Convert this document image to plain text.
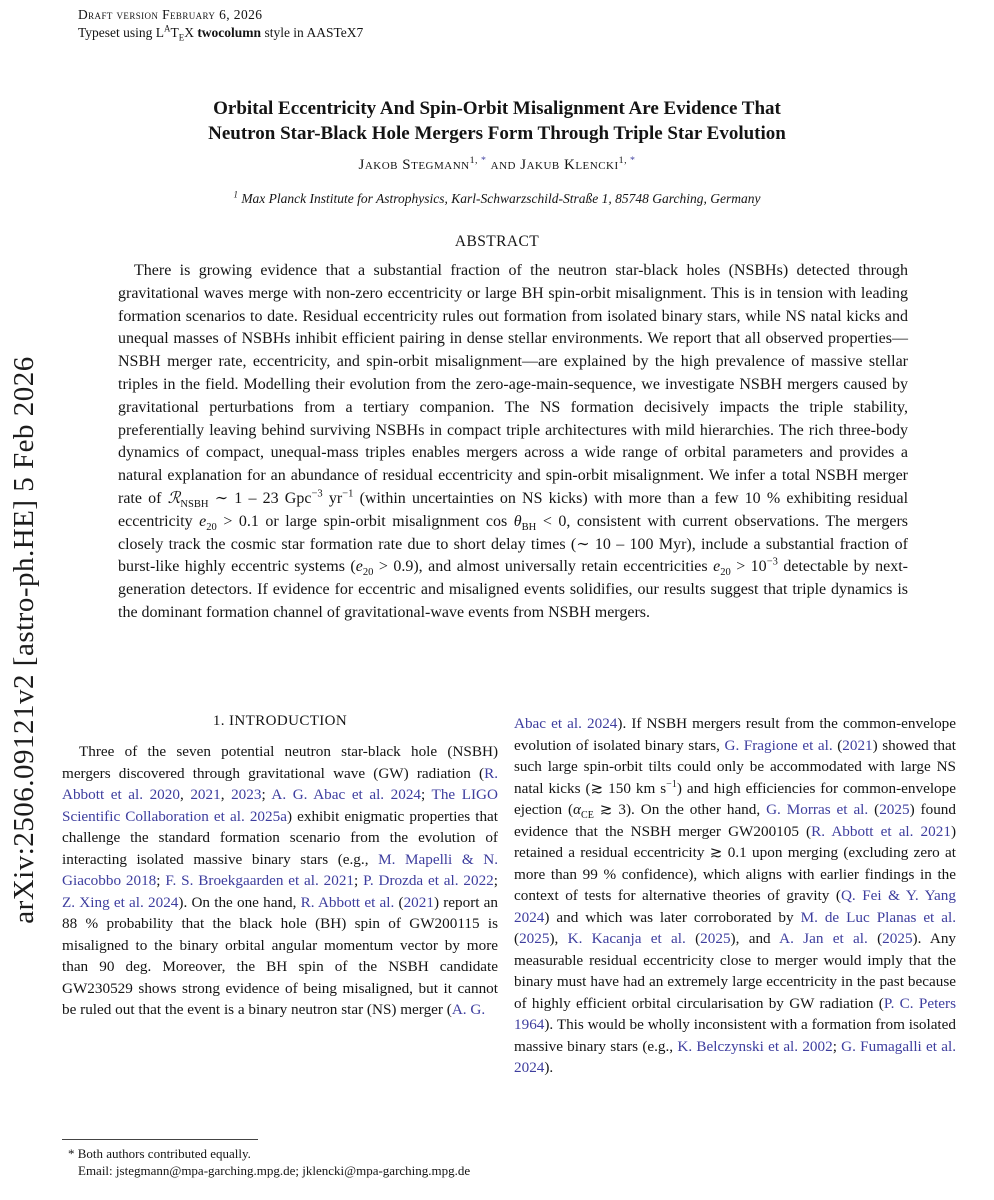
arXiv:2506.09121v2 [astro-ph.HE] 5 Feb 2026
Draft version February 6, 2026
Typeset using $L^AT_EX$ twocolumn style in AASTeX7
Orbital Eccentricity And Spin-Orbit Misalignment Are Evidence That
Neutron Star-Black Hole Mergers Form Through Triple Star Evolution
Jakob Stegmann$^{1,}$ * and Jakub Klencki$^{1,}$ *
$^1$ Max Planck Institute for Astrophysics, Karl-Schwarzschild-Straße 1, 85748 Garching, Germany
ABSTRACT
There is growing evidence that a substantial fraction of the neutron star-black holes (NSBHs) detected through gravitational waves merge with non-zero eccentricity or large BH spin-orbit misalignment. This is in tension with leading formation scenarios to date. Residual eccentricity rules out formation from isolated binary stars, while NS natal kicks and unequal masses of NSBHs inhibit efficient pairing in dense stellar environments. We report that all observed properties—NSBH merger rate, eccentricity, and spin-orbit misalignment—are explained by the high prevalence of massive stellar triples in the field. Modelling their evolution from the zero-age-main-sequence, we investigate NSBH mergers caused by gravitational perturbations from a tertiary companion. The NS formation decisively impacts the triple stability, preferentially leaving behind surviving NSBHs in compact triple architectures with mild hierarchies. The rich three-body dynamics of compact, unequal-mass triples enables mergers across a wide range of orbital parameters and provides a natural explanation for an abundance of residual eccentricity and spin-orbit misalignment. We infer a total NSBH merger rate of ℛ$_{NSBH}$ ∼ 1 – 23 Gpc$^{-3}$ $yr^{-1}$ (within uncertainties on NS kicks) with more than a few 10 % exhibiting residual eccentricity $e_{20} > 0.1$ or large spin-orbit misalignment $\cos \theta_{BH} < 0$, consistent with current observations. The mergers closely track the cosmic star formation rate due to short delay times (∼ 10 – 100 Myr), include a substantial fraction of burst-like highly eccentric systems $(e_{20} > 0.9)$, and almost universally retain eccentricities $e_{20} > 10^{-3}$ detectable by next-generation detectors. If evidence for eccentric and misaligned events solidifies, our results suggest that triple dynamics is the dominant formation channel of gravitational-wave events from NSBH mergers.
1. INTRODUCTION
Three of the seven potential neutron star-black hole (NSBH) mergers discovered through gravitational wave (GW) radiation (R. Abbott et al. 2020, 2021, 2023; A. G. Abac et al. 2024; The LIGO Scientific Collaboration et al. 2025a) exhibit enigmatic properties that challenge the standard formation scenario from the evolution of interacting isolated massive binary stars (e.g., M. Mapelli & N. Giacobbo 2018; F. S. Broekgaarden et al. 2021; P. Drozda et al. 2022; Z. Xing et al. 2024). On the one hand, R. Abbott et al. (2021) report an 88 % probability that the black hole (BH) spin of GW200115 is misaligned to the binary orbital angular momentum vector by more than 90 deg. Moreover, the BH spin of the NSBH candidate GW230529 shows strong evidence of being misaligned, but it cannot be ruled out that the event is a binary neutron star (NS) merger (A. G.
Abac et al. 2024). If NSBH mergers result from the common-envelope evolution of isolated binary stars, G. Fragione et al. (2021) showed that such large spin-orbit tilts could only be accommodated with large NS natal kicks (≳ 150 km $s^{-1}$) and high efficiencies for common-envelope ejection ($\alpha_{CE}$ ≳ 3). On the other hand, G. Morras et al. (2025) found evidence that the NSBH merger GW200105 (R. Abbott et al. 2021) retained a residual eccentricity ≳ 0.1 upon merging (excluding zero at more than 99 % confidence), which aligns with earlier findings in the context of tests for alternative theories of gravity (Q. Fei & Y. Yang 2024) and which was later corroborated by M. de Luc Planas et al. (2025), K. Kacanja et al. (2025), and A. Jan et al. (2025). Any measurable residual eccentricity close to merger would imply that the binary must have had an extremely large eccentricity in the past because of highly efficient orbital circularisation by GW radiation (P. C. Peters 1964). This would be wholly inconsistent with a formation from isolated massive binary stars (e.g., K. Belczynski et al. 2002; G. Fumagalli et al. 2024).
* Both authors contributed equally.
Email: jstegmann@mpa-garching.mpg.de; jklencki@mpa-garching.mpg.de
